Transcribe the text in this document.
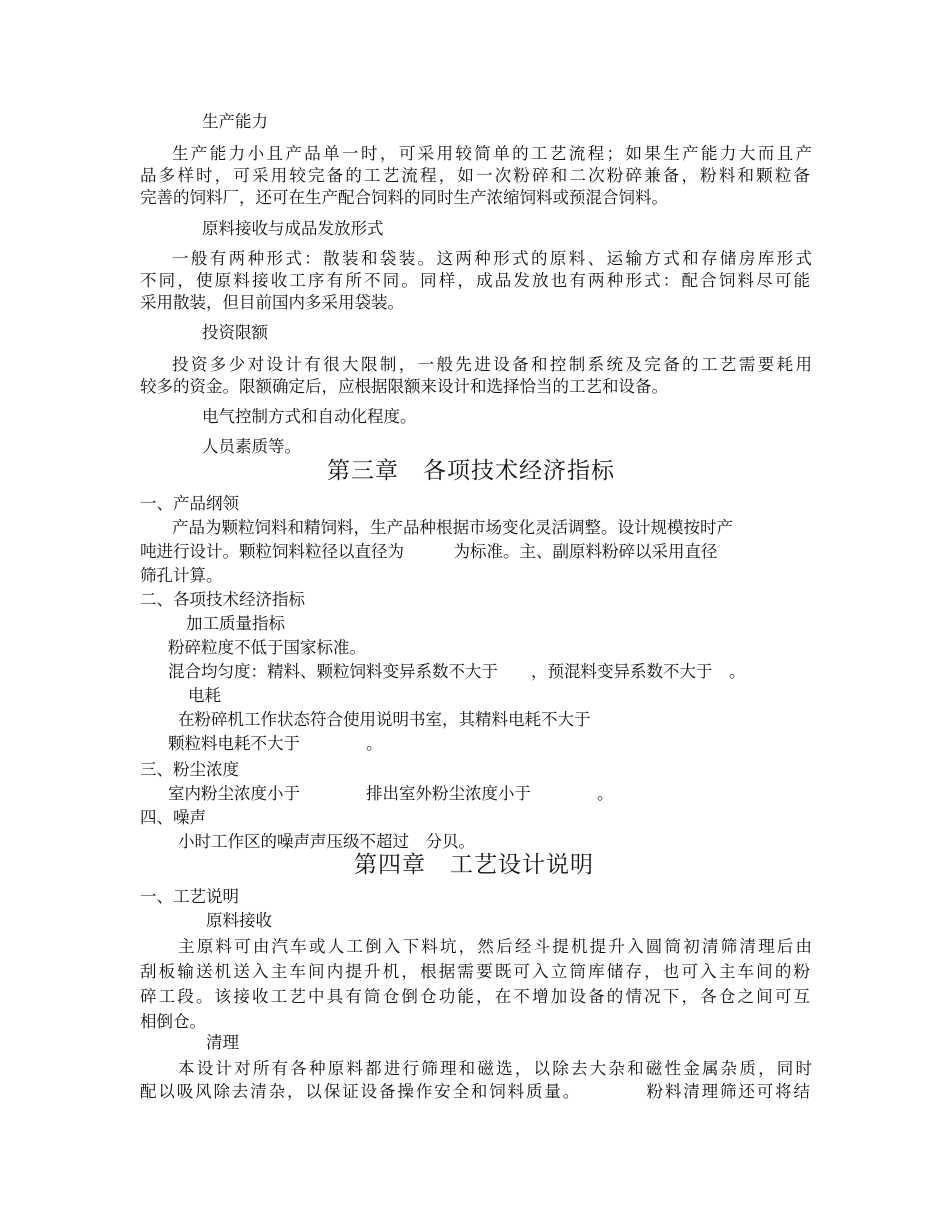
生产能力
生产能力小且产品单一时，可采用较简单的工艺流程；如果生产能力大而且产
品多样时，可采用较完备的工艺流程，如一次粉碎和二次粉碎兼备，粉料和颗粒备
完善的饲料厂，还可在生产配合饲料的同时生产浓缩饲料或预混合饲料。
原料接收与成品发放形式
一般有两种形式：散装和袋装。这两种形式的原料、运输方式和存储房库形式
不同，使原料接收工序有所不同。同样，成品发放也有两种形式：配合饲料尽可能
采用散装，但目前国内多采用袋装。
投资限额
投资多少对设计有很大限制，一般先进设备和控制系统及完备的工艺需要耗用
较多的资金。限额确定后，应根据限额来设计和选择恰当的工艺和设备。
电气控制方式和自动化程度。
人员素质等。
第三章　各项技术经济指标
一、产品纲领
产品为颗粒饲料和精饲料，生产品种根据市场变化灵活调整。设计规模按时产
吨进行设计。颗粒饲料粒径以直径为　　　为标准。主、副原料粉碎以采用直径
筛孔计算。
二、各项技术经济指标
加工质量指标
粉碎粒度不低于国家标准。
混合均匀度：精料、颗粒饲料变异系数不大于　　，预混料变异系数不大于　。
电耗
在粉碎机工作状态符合使用说明书室，其精料电耗不大于
颗粒料电耗不大于　　　　。
三、粉尘浓度
室内粉尘浓度小于　　　　排出室外粉尘浓度小于　　　　。
四、噪声
小时工作区的噪声声压级不超过　分贝。
第四章　工艺设计说明
一、工艺说明
原料接收
主原料可由汽车或人工倒入下料坑，然后经斗提机提升入圆筒初清筛清理后由
刮板输送机送入主车间内提升机，根据需要既可入立筒库储存，也可入主车间的粉
碎工段。该接收工艺中具有筒仓倒仓功能，在不增加设备的情况下，各仓之间可互
相倒仓。
清理
本设计对所有各种原料都进行筛理和磁选，以除去大杂和磁性金属杂质，同时
配以吸风除去清杂，以保证设备操作安全和饲料质量。　　　　粉料清理筛还可将结
